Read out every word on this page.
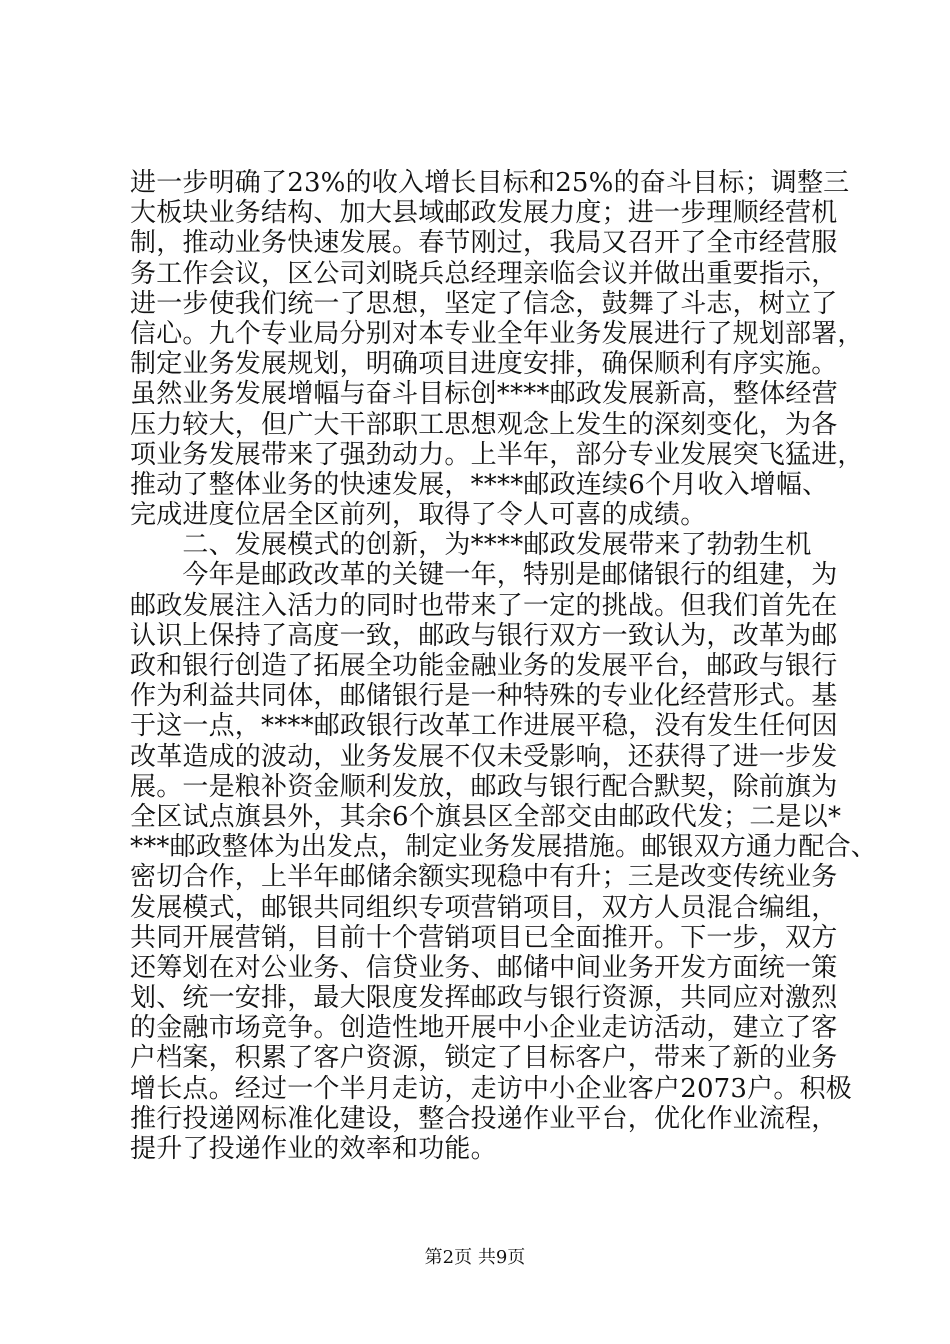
进一步明确了23%的收入增长目标和25%的奋斗目标；调整三
大板块业务结构、加大县域邮政发展力度；进一步理顺经营机
制，推动业务快速发展。春节刚过，我局又召开了全市经营服
务工作会议，区公司刘晓兵总经理亲临会议并做出重要指示，
进一步使我们统一了思想，坚定了信念，鼓舞了斗志，树立了
信心。九个专业局分别对本专业全年业务发展进行了规划部署，
制定业务发展规划，明确项目进度安排，确保顺利有序实施。
虽然业务发展增幅与奋斗目标创****邮政发展新高，整体经营
压力较大，但广大干部职工思想观念上发生的深刻变化，为各
项业务发展带来了强劲动力。上半年，部分专业发展突飞猛进，
推动了整体业务的快速发展，****邮政连续6个月收入增幅、
完成进度位居全区前列，取得了令人可喜的成绩。
　　二、发展模式的创新，为****邮政发展带来了勃勃生机
　　今年是邮政改革的关键一年，特别是邮储银行的组建，为
邮政发展注入活力的同时也带来了一定的挑战。但我们首先在
认识上保持了高度一致，邮政与银行双方一致认为，改革为邮
政和银行创造了拓展全功能金融业务的发展平台，邮政与银行
作为利益共同体，邮储银行是一种特殊的专业化经营形式。基
于这一点，****邮政银行改革工作进展平稳，没有发生任何因
改革造成的波动，业务发展不仅未受影响，还获得了进一步发
展。一是粮补资金顺利发放，邮政与银行配合默契，除前旗为
全区试点旗县外，其余6个旗县区全部交由邮政代发；二是以*
***邮政整体为出发点，制定业务发展措施。邮银双方通力配合、
密切合作，上半年邮储余额实现稳中有升；三是改变传统业务
发展模式，邮银共同组织专项营销项目，双方人员混合编组，
共同开展营销，目前十个营销项目已全面推开。下一步，双方
还筹划在对公业务、信贷业务、邮储中间业务开发方面统一策
划、统一安排，最大限度发挥邮政与银行资源，共同应对激烈
的金融市场竞争。创造性地开展中小企业走访活动，建立了客
户档案，积累了客户资源，锁定了目标客户，带来了新的业务
增长点。经过一个半月走访，走访中小企业客户2073户。积极
推行投递网标准化建设，整合投递作业平台，优化作业流程，
提升了投递作业的效率和功能。
第2页 共9页
